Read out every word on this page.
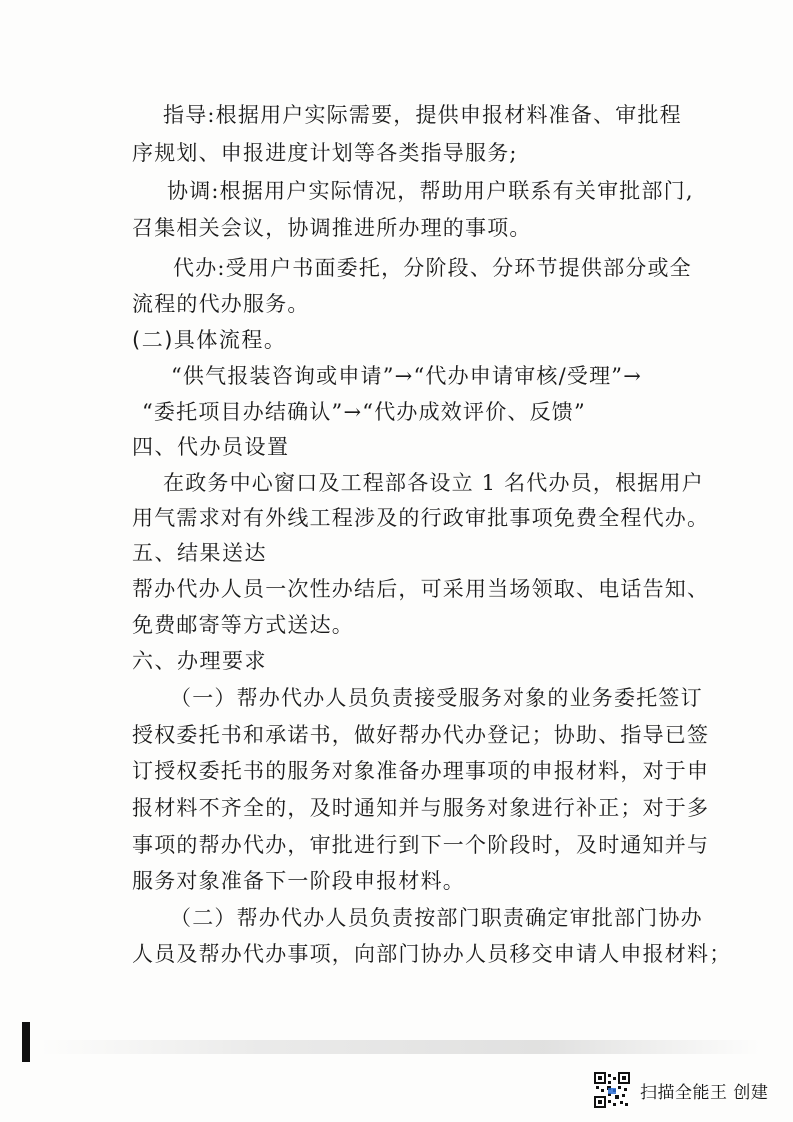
指导:根据用户实际需要，提供申报材料准备、审批程
序规划、申报进度计划等各类指导服务;
协调:根据用户实际情况，帮助用户联系有关审批部门,
召集相关会议，协调推进所办理的事项。
代办:受用户书面委托，分阶段、分环节提供部分或全
流程的代办服务。
(二)具体流程。
“供气报装咨询或申请”→“代办申请审核/受理”→
“委托项目办结确认”→“代办成效评价、反馈”
四、代办员设置
在政务中心窗口及工程部各设立 1 名代办员，根据用户
用气需求对有外线工程涉及的行政审批事项免费全程代办。
五、结果送达
帮办代办人员一次性办结后，可采用当场领取、电话告知、
免费邮寄等方式送达。
六、办理要求
（一）帮办代办人员负责接受服务对象的业务委托签订
授权委托书和承诺书，做好帮办代办登记；协助、指导已签
订授权委托书的服务对象准备办理事项的申报材料，对于申
报材料不齐全的，及时通知并与服务对象进行补正；对于多
事项的帮办代办，审批进行到下一个阶段时，及时通知并与
服务对象准备下一阶段申报材料。
（二）帮办代办人员负责按部门职责确定审批部门协办
人员及帮办代办事项，向部门协办人员移交申请人申报材料；
扫描全能王 创建
